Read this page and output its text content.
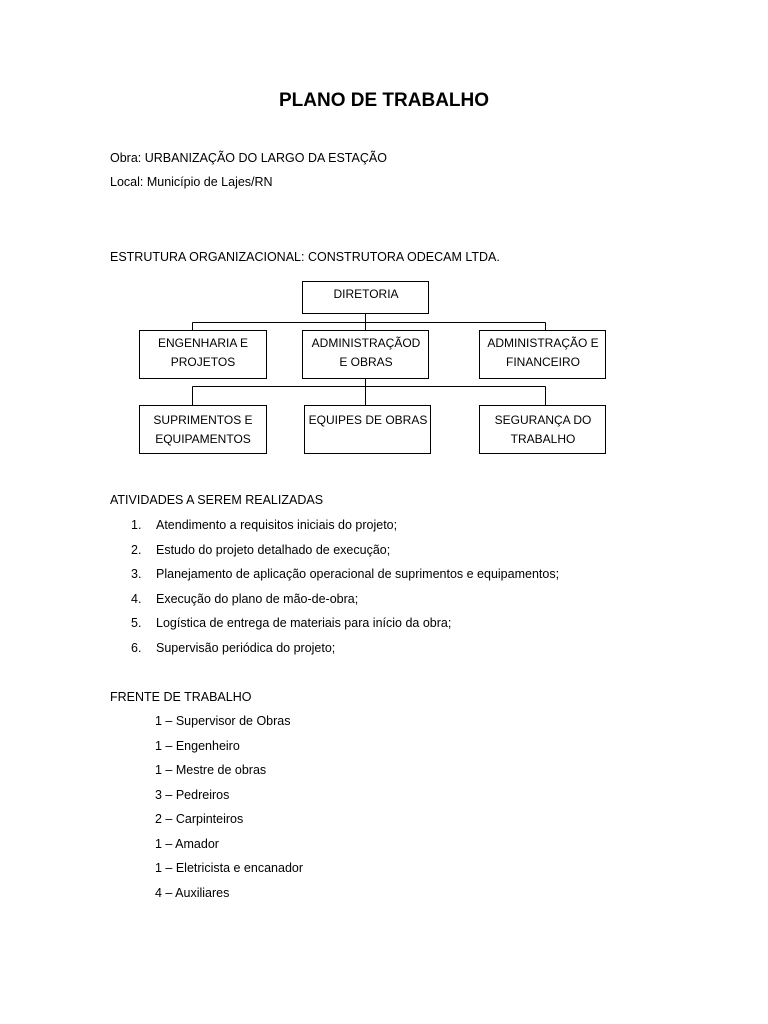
PLANO DE TRABALHO
Obra: URBANIZAÇÃO DO LARGO DA ESTAÇÃO
Local: Município de Lajes/RN
ESTRUTURA ORGANIZACIONAL: CONSTRUTORA ODECAM LTDA.
DIRETORIA
ENGENHARIA E PROJETOS
ADMINISTRAÇÃOD E OBRAS
ADMINISTRAÇÃO E FINANCEIRO
SUPRIMENTOS E EQUIPAMENTOS
EQUIPES DE OBRAS	SEGURANÇA DO TRABALHO
ATIVIDADES A SEREM REALIZADAS
1. Atendimento a requisitos iniciais do projeto;
2. Estudo do projeto detalhado de execução;
3. Planejamento de aplicação operacional de suprimentos e equipamentos;
4. Execução do plano de mão-de-obra;
5. Logística de entrega de materiais para início da obra;
6. Supervisão periódica do projeto;
FRENTE DE TRABALHO
1 – Supervisor de Obras
1 – Engenheiro
1 – Mestre de obras
3 – Pedreiros
2 – Carpinteiros
1 – Amador
1 – Eletricista e encanador
4 – Auxiliares
